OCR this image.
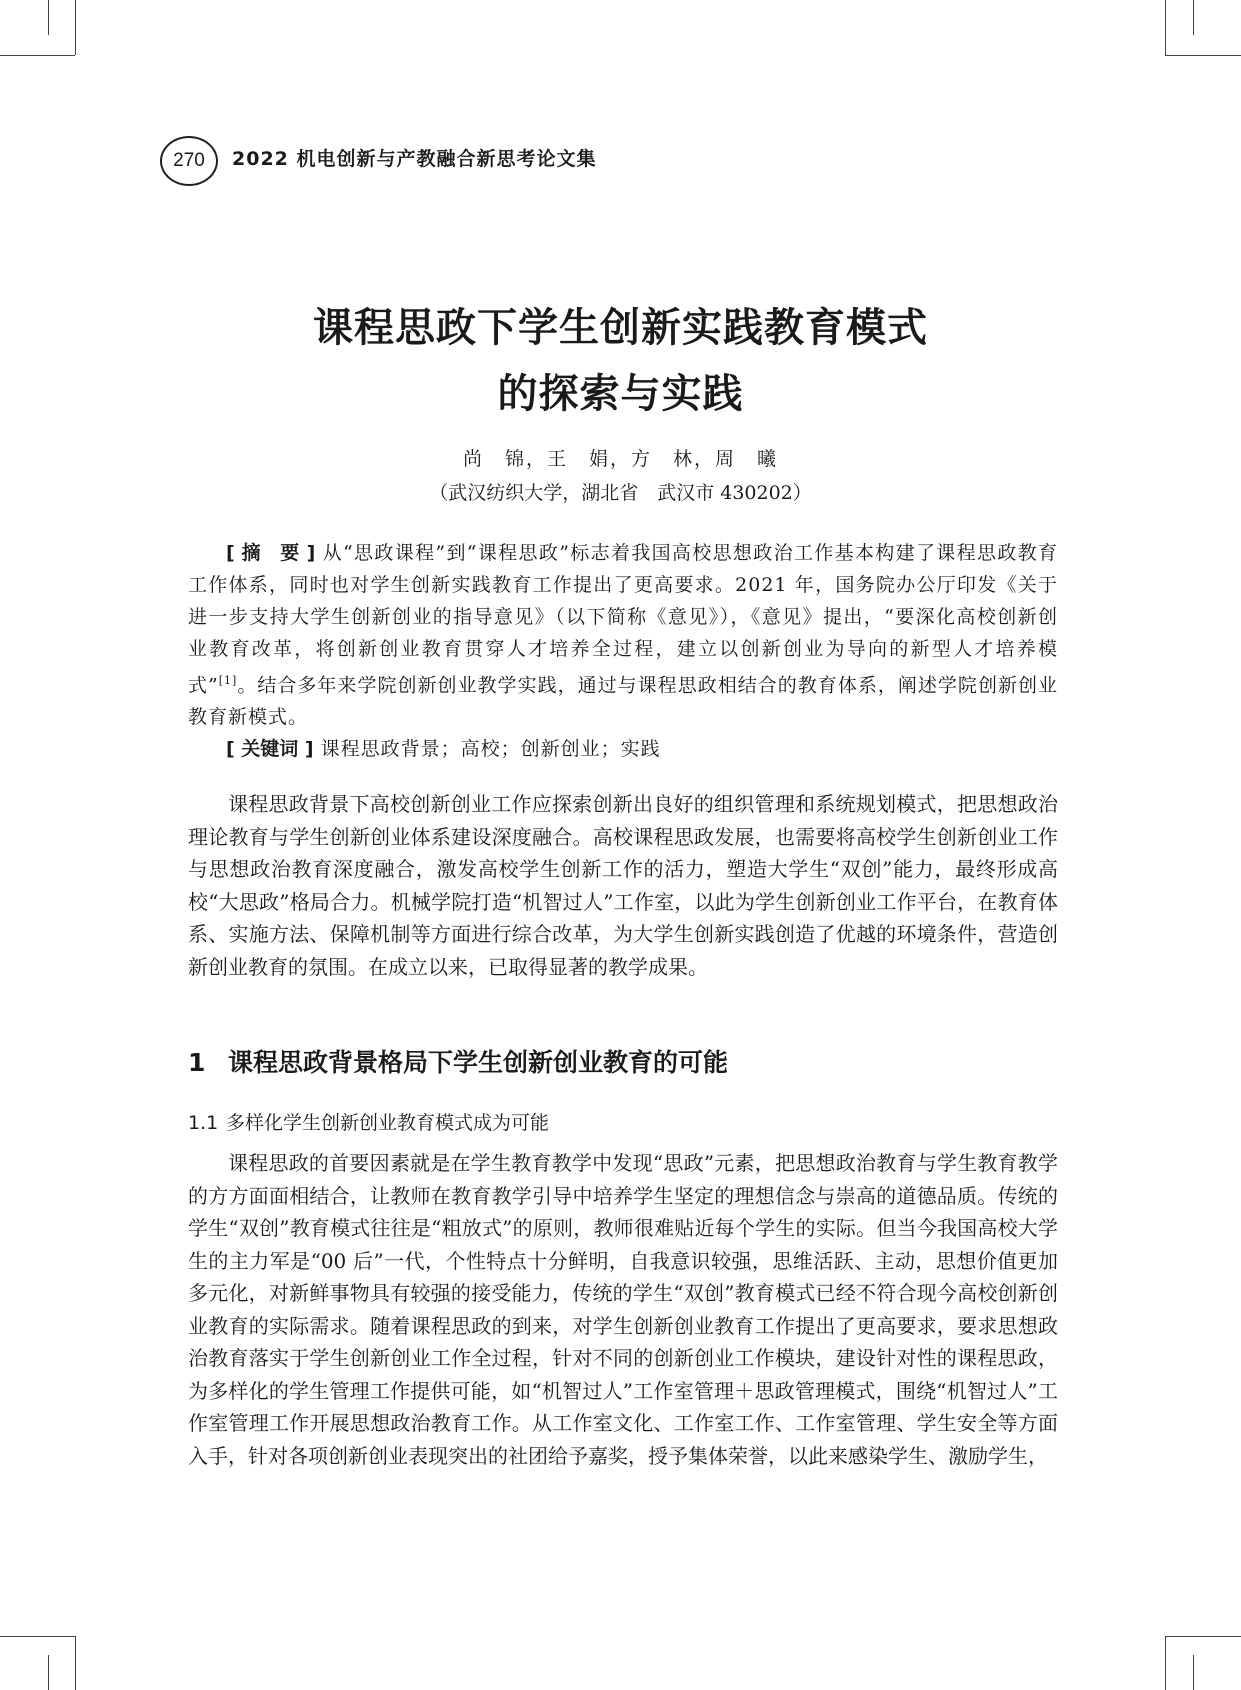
270	2022 机电创新与产教融合新思考论文集
课程思政下学生创新实践教育模式
的探索与实践
尚　锦，王　娟，方　林，周　曦
（武汉纺织大学，湖北省　武汉市 430202）

[ 摘　要 ] 从“思政课程”到“课程思政”标志着我国高校思想政治工作基本构建了课程思政教育工作体系，同时也对学生创新实践教育工作提出了更高要求。2021 年，国务院办公厅印发《关于进一步支持大学生创新创业的指导意见》（以下简称《意见》），《意见》提出，“要深化高校创新创业教育改革，将创新创业教育贯穿人才培养全过程，建立以创新创业为导向的新型人才培养模式”[1]。结合多年来学院创新创业教学实践，通过与课程思政相结合的教育体系，阐述学院创新创业教育新模式。

[ 关键词 ] 课程思政背景；高校；创新创业；实践

课程思政背景下高校创新创业工作应探索创新出良好的组织管理和系统规划模式，把思想政治理论教育与学生创新创业体系建设深度融合。高校课程思政发展，也需要将高校学生创新创业工作与思想政治教育深度融合，激发高校学生创新工作的活力，塑造大学生“双创”能力，最终形成高校“大思政”格局合力。机械学院打造“机智过人”工作室，以此为学生创新创业工作平台，在教育体系、实施方法、保障机制等方面进行综合改革，为大学生创新实践创造了优越的环境条件，营造创新创业教育的氛围。在成立以来，已取得显著的教学成果。

1 课程思政背景格局下学生创新创业教育的可能
1.1 多样化学生创新创业教育模式成为可能

课程思政的首要因素就是在学生教育教学中发现“思政”元素，把思想政治教育与学生教育教学的方方面面相结合，让教师在教育教学引导中培养学生坚定的理想信念与崇高的道德品质。传统的学生“双创”教育模式往往是“粗放式”的原则，教师很难贴近每个学生的实际。但当今我国高校大学生的主力军是“00 后”一代，个性特点十分鲜明，自我意识较强，思维活跃、主动，思想价值更加多元化，对新鲜事物具有较强的接受能力，传统的学生“双创”教育模式已经不符合现今高校创新创业教育的实际需求。随着课程思政的到来，对学生创新创业教育工作提出了更高要求，要求思想政治教育落实于学生创新创业工作全过程，针对不同的创新创业工作模块，建设针对性的课程思政，为多样化的学生管理工作提供可能，如“机智过人”工作室管理＋思政管理模式，围绕“机智过人”工作室管理工作开展思想政治教育工作。从工作室文化、工作室工作、工作室管理、学生安全等方面入手，针对各项创新创业表现突出的社团给予嘉奖，授予集体荣誉，以此来感染学生、激励学生，
